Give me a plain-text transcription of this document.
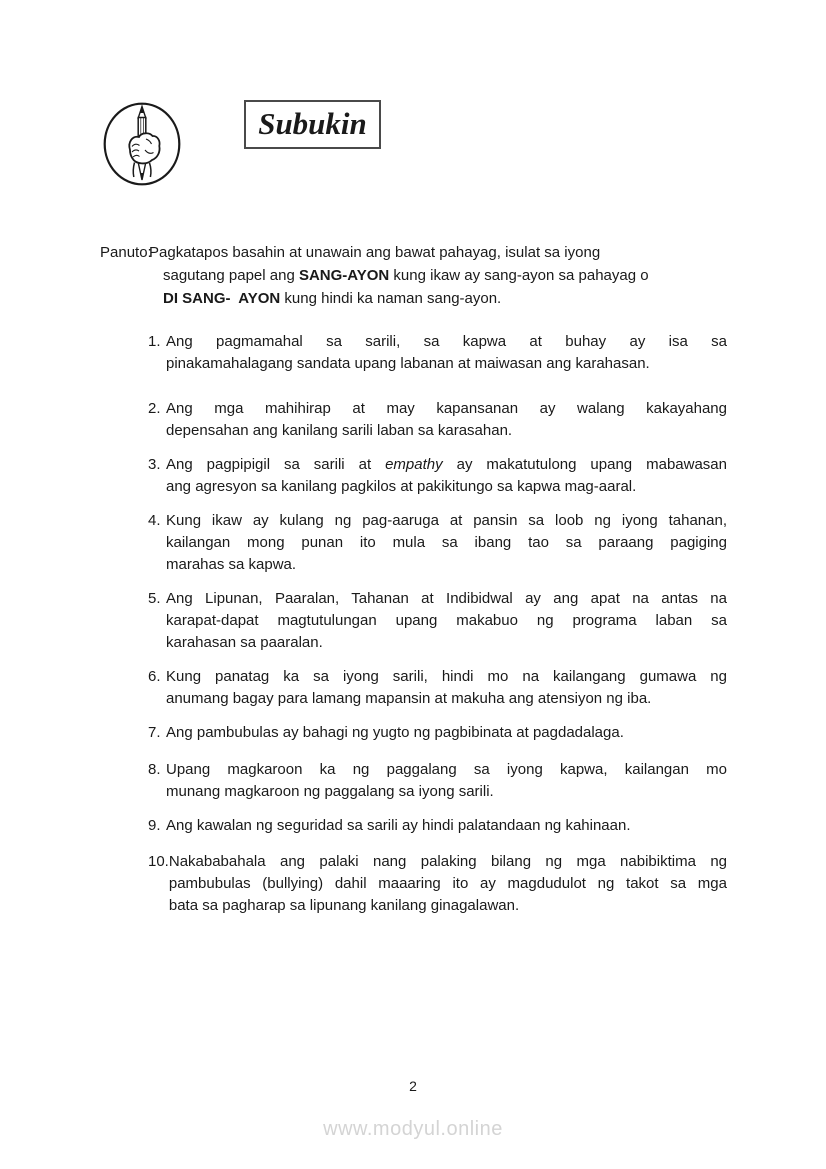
Subukin
Panuto:
Pagkatapos basahin at unawain ang bawat pahayag, isulat sa iyong
sagutang papel ang SANG-AYON kung ikaw ay sang-ayon sa pahayag o
DI SANG-  AYON kung hindi ka naman sang-ayon.
1. Ang pagmamahal sa sarili, sa kapwa at buhay ay isa sa
pinakamahalagang sandata upang labanan at maiwasan ang karahasan.
2. Ang mga mahihirap at may kapansanan ay walang kakayahang
depensahan ang kanilang sarili laban sa karasahan.
3. Ang pagpipigil sa sarili at empathy ay makatutulong upang mabawasan
ang agresyon sa kanilang pagkilos at pakikitungo sa kapwa mag-aaral.
4. Kung ikaw ay kulang ng pag-aaruga at pansin sa loob ng iyong tahanan,
kailangan mong punan ito mula sa ibang tao sa paraang pagiging
marahas sa kapwa.
5. Ang Lipunan, Paaralan, Tahanan at Indibidwal ay ang apat na antas na
karapat-dapat magtutulungan upang makabuo ng programa laban sa
karahasan sa paaralan.
6. Kung panatag ka sa iyong sarili, hindi mo na kailangang gumawa ng
anumang bagay para lamang mapansin at makuha ang atensiyon ng iba.
7. Ang pambubulas ay bahagi ng yugto ng pagbibinata at pagdadalaga.
8. Upang magkaroon ka ng paggalang sa iyong kapwa, kailangan mo
munang magkaroon ng paggalang sa iyong sarili.
9. Ang kawalan ng seguridad sa sarili ay hindi palatandaan ng kahinaan.
10. Nakababahala ang palaki nang palaking bilang ng mga nabibiktima ng
pambubulas (bullying) dahil maaaring ito ay magdudulot ng takot sa mga
bata sa pagharap sa lipunang kanilang ginagalawan.
2
www.modyul.online
